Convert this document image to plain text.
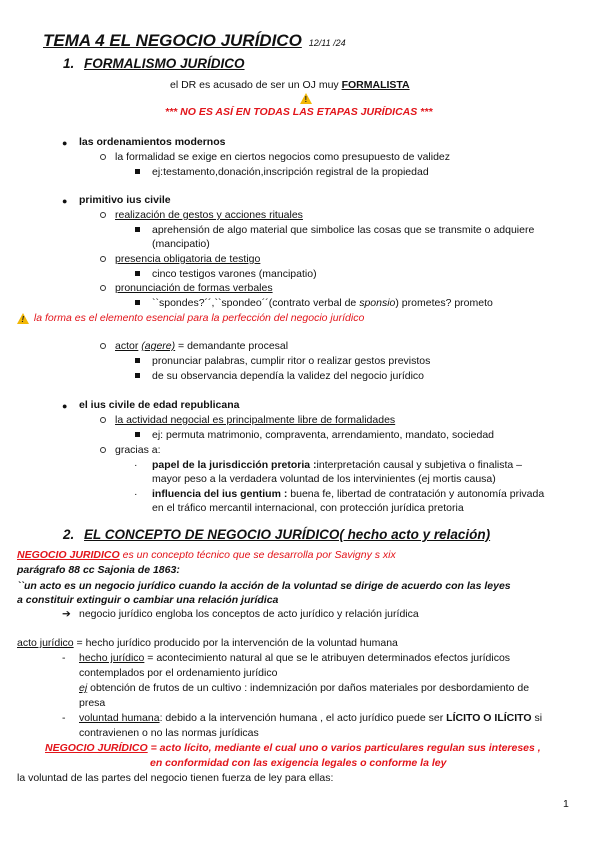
TEMA 4 EL NEGOCIO JURÍDICO 12/11 /24
1. FORMALISMO JURÍDICO
el DR es acusado de ser un OJ muy FORMALISTA
!
*** NO ES ASÍ EN TODAS LAS ETAPAS JURÍDICAS ***
● las ordenamientos modernos
la formalidad se exige en ciertos negocios como presupuesto de validez
ej:testamento,donación,inscripción registral de la propiedad
● primitivo ius civile
realización de gestos y acciones rituales
aprehensión de algo material que simbolice las cosas que se transmite o adquiere
(mancipatio)
presencia obligatoria de testigo
cinco testigos varones (mancipatio)
pronunciación de formas verbales
``spondes?´´,``spondeo´´(contrato verbal de sponsio) prometes? prometo
! la forma es el elemento esencial para la perfección del negocio jurídico
actor (agere) = demandante procesal
pronunciar palabras, cumplir ritor o realizar gestos previstos
de su observancia dependía la validez del negocio jurídico
● el ius civile de edad republicana
la actividad negocial es principalmente libre de formalidades
ej: permuta matrimonio, compraventa, arrendamiento, mandato, sociedad
gracias a:
· papel de la jurisdicción pretoria :interpretación causal y subjetiva o finalista –
mayor peso a la verdadera voluntad de los intervinientes (ej mortis causa)
· influencia del ius gentium : buena fe, libertad de contratación y autonomía privada
en el tráfico mercantil internacional, con protección jurídica pretoria
2. EL CONCEPTO DE NEGOCIO JURÍDICO( hecho acto y relación)
NEGOCIO JURIDICO es un concepto técnico que se desarrolla por Savigny s xix
parágrafo 88 cc Sajonia de 1863:
``un acto es un negocio jurídico cuando la acción de la voluntad se dirige de acuerdo con las leyes
a constituir extinguir o cambiar una relación jurídica
➔ negocio jurídico engloba los conceptos de acto jurídico y relación jurídica
acto jurídico = hecho jurídico producido por la intervención de la voluntad humana
- hecho jurídico = acontecimiento natural al que se le atribuyen determinados efectos jurídicos
contemplados por el ordenamiento jurídico
ej obtención de frutos de un cultivo : indemnización por daños materiales por desbordamiento de
presa
- voluntad humana: debido a la intervención humana , el acto jurídico puede ser LÍCITO O ILÍCITO si
contravienen o no las normas jurídicas
NEGOCIO JURÍDICO = acto lícito, mediante el cual uno o varios particulares regulan sus intereses ,
en conformidad con las exigencia legales o conforme la ley
la voluntad de las partes del negocio tienen fuerza de ley para ellas:
1
